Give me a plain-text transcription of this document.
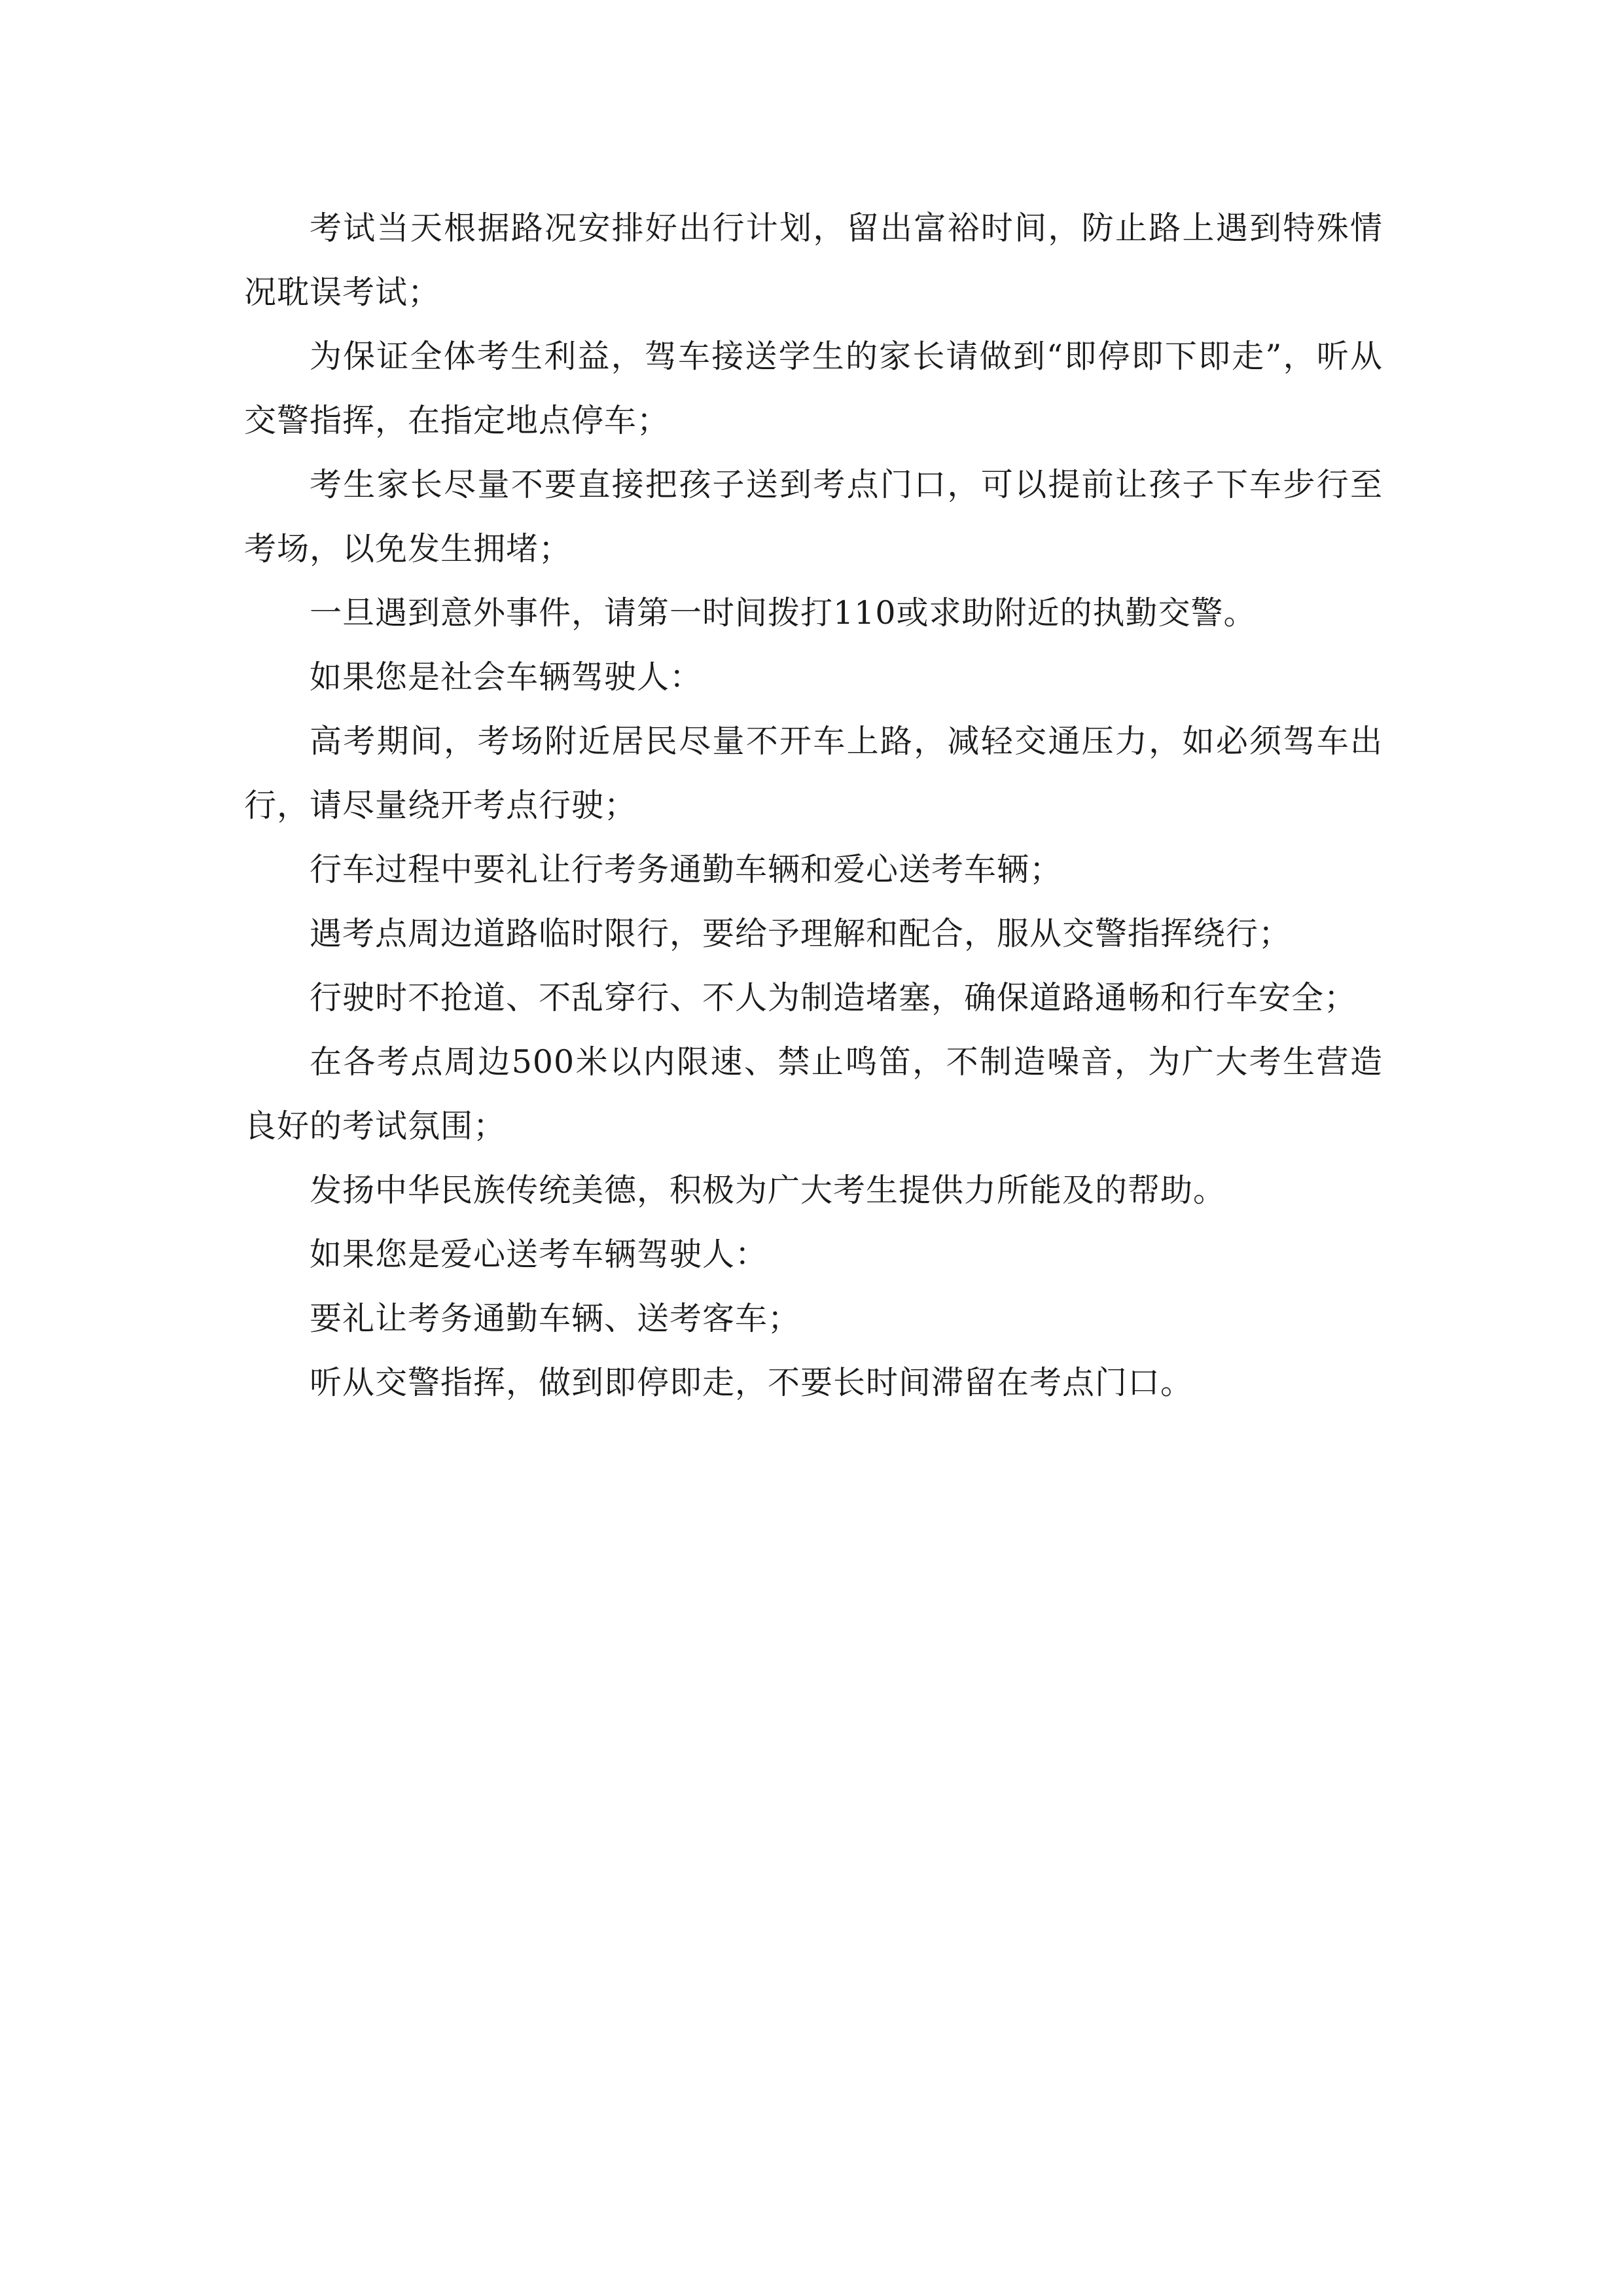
考试当天根据路况安排好出行计划，留出富裕时间，防止路上遇到特殊情况耽误考试；

为保证全体考生利益，驾车接送学生的家长请做到“即停即下即走”，听从交警指挥，在指定地点停车；

考生家长尽量不要直接把孩子送到考点门口，可以提前让孩子下车步行至考场，以免发生拥堵；

一旦遇到意外事件，请第一时间拨打110或求助附近的执勤交警。

如果您是社会车辆驾驶人：

高考期间，考场附近居民尽量不开车上路，减轻交通压力，如必须驾车出行，请尽量绕开考点行驶；

行车过程中要礼让行考务通勤车辆和爱心送考车辆；

遇考点周边道路临时限行，要给予理解和配合，服从交警指挥绕行；

行驶时不抢道、不乱穿行、不人为制造堵塞，确保道路通畅和行车安全；

在各考点周边500米以内限速、禁止鸣笛，不制造噪音，为广大考生营造良好的考试氛围；

发扬中华民族传统美德，积极为广大考生提供力所能及的帮助。

如果您是爱心送考车辆驾驶人：

要礼让考务通勤车辆、送考客车；

听从交警指挥，做到即停即走，不要长时间滞留在考点门口。
